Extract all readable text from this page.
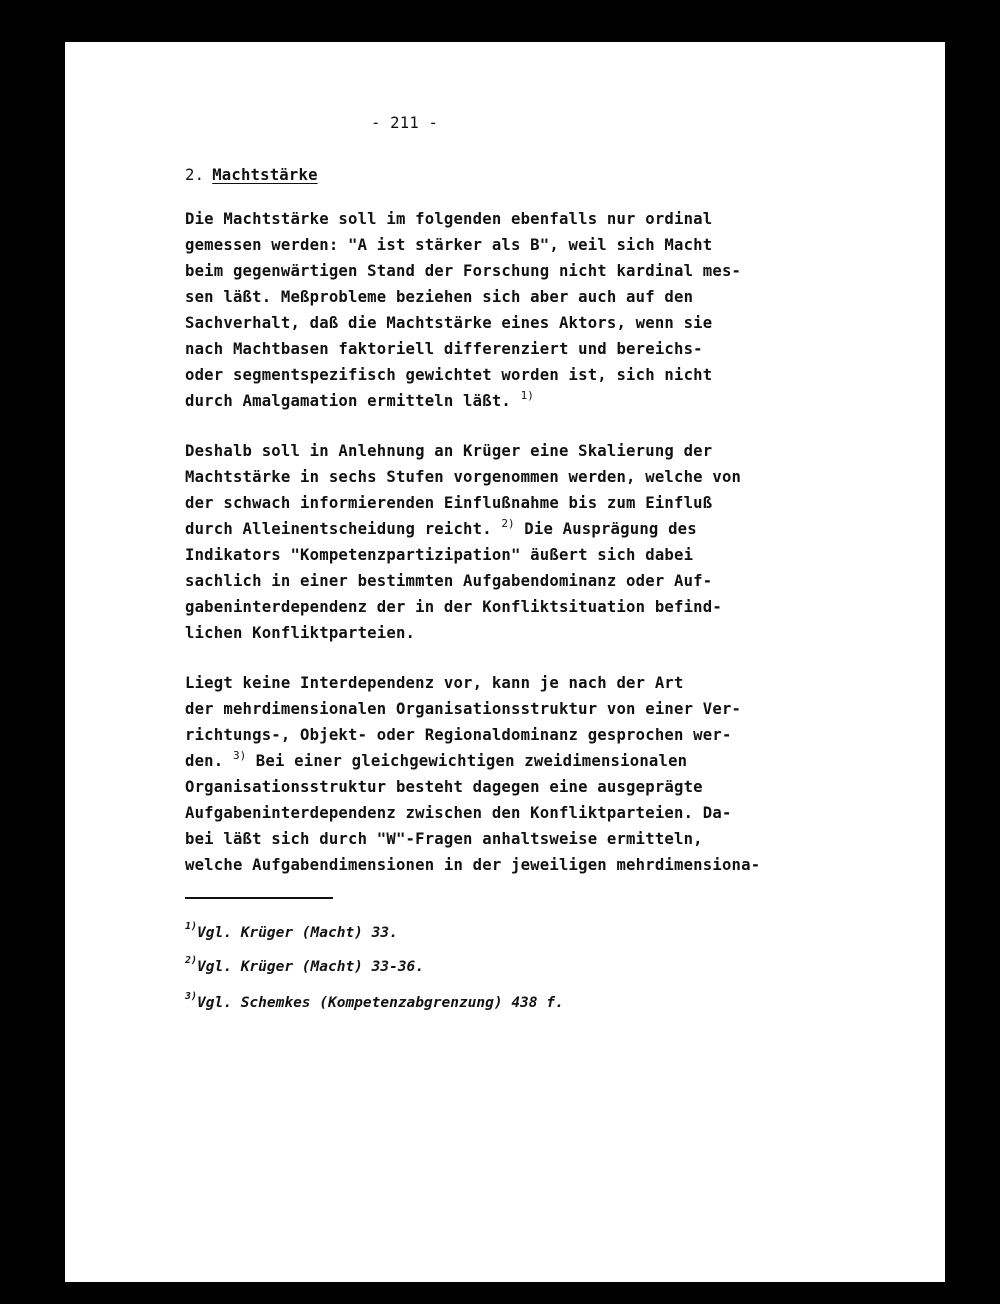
- 211 -

2. Machtstärke

Die Machtstärke soll im folgenden ebenfalls nur ordinal

gemessen werden: "A ist stärker als B", weil sich Macht

beim gegenwärtigen Stand der Forschung nicht kardinal mes-

sen läßt. Meßprobleme beziehen sich aber auch auf den

Sachverhalt, daß die Machtstärke eines Aktors, wenn sie

nach Machtbasen faktoriell differenziert und bereichs-

oder segmentspezifisch gewichtet worden ist, sich nicht

durch Amalgamation ermitteln läßt. $^{1)}$

Deshalb soll in Anlehnung an Krüger eine Skalierung der

Machtstärke in sechs Stufen vorgenommen werden, welche von

der schwach informierenden Einflußnahme bis zum Einfluß

durch Alleinentscheidung reicht. $^{2)}$ Die Ausprägung des

Indikators "Kompetenzpartizipation" äußert sich dabei

sachlich in einer bestimmten Aufgabendominanz oder Auf-

gabeninterdependenz der in der Konfliktsituation befind-

lichen Konfliktparteien.

Liegt keine Interdependenz vor, kann je nach der Art

der mehrdimensionalen Organisationsstruktur von einer Ver-

richtungs-, Objekt- oder Regionaldominanz gesprochen wer-

den. $^{3)}$ Bei einer gleichgewichtigen zweidimensionalen

Organisationsstruktur besteht dagegen eine ausgeprägte

Aufgabeninterdependenz zwischen den Konfliktparteien. Da-

bei läßt sich durch "W"-Fragen anhaltsweise ermitteln,

welche Aufgabendimensionen in der jeweiligen mehrdimensiona-

$^{1)}$Vgl. Krüger (Macht) 33.

$^{2)}$Vgl. Krüger (Macht) 33-36.

$^{3)}$Vgl. Schemkes (Kompetenzabgrenzung) 438 f.
